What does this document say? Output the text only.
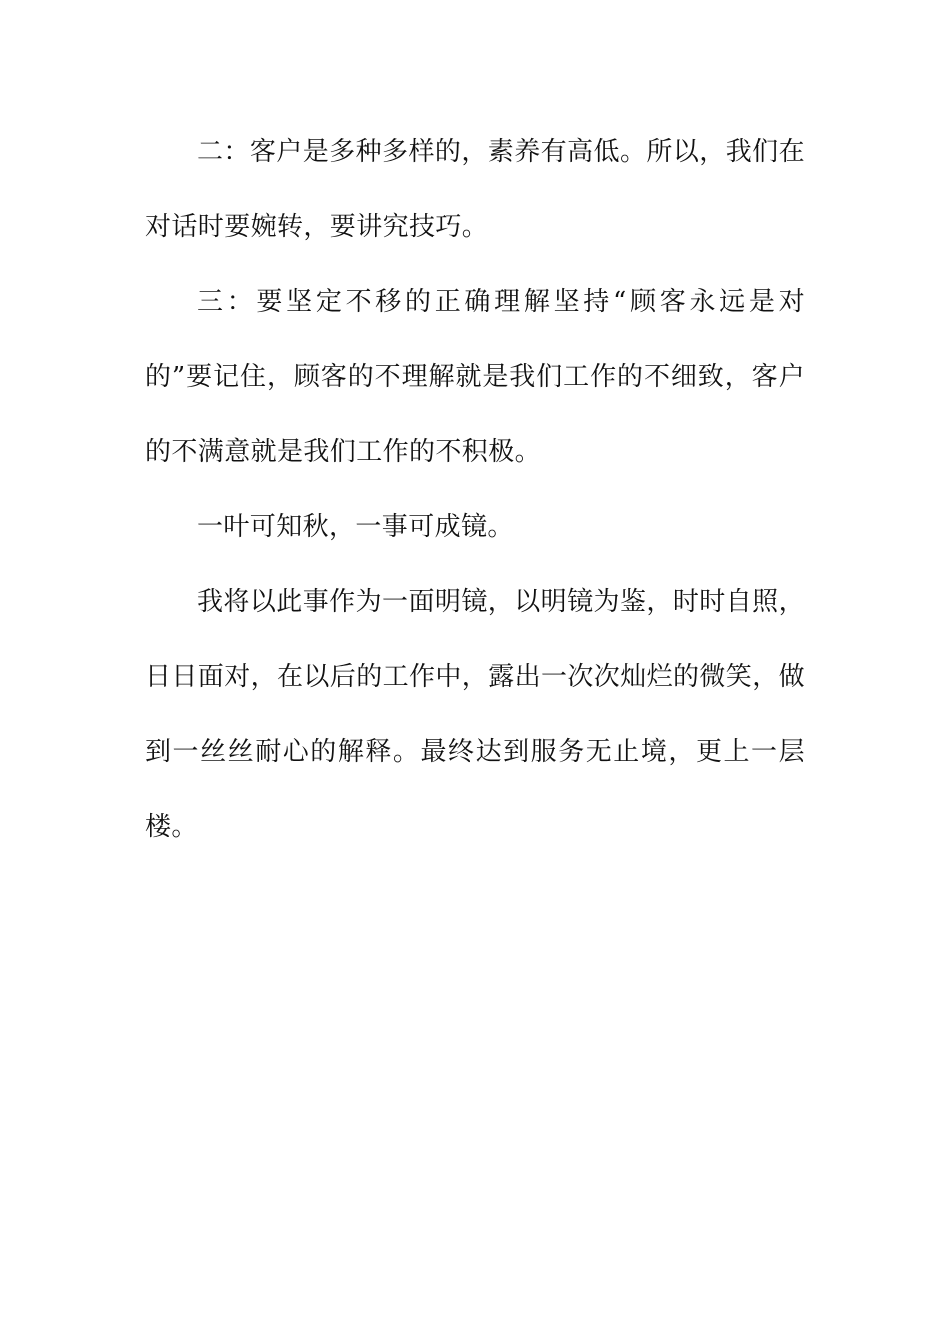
二：客户是多种多样的，素养有高低。所以，我们在对话时要婉转，要讲究技巧。

三：要坚定不移的正确理解坚持“顾客永远是对的”要记住，顾客的不理解就是我们工作的不细致，客户的不满意就是我们工作的不积极。

一叶可知秋，一事可成镜。

我将以此事作为一面明镜，以明镜为鉴，时时自照，日日面对，在以后的工作中，露出一次次灿烂的微笑，做到一丝丝耐心的解释。最终达到服务无止境，更上一层楼。
